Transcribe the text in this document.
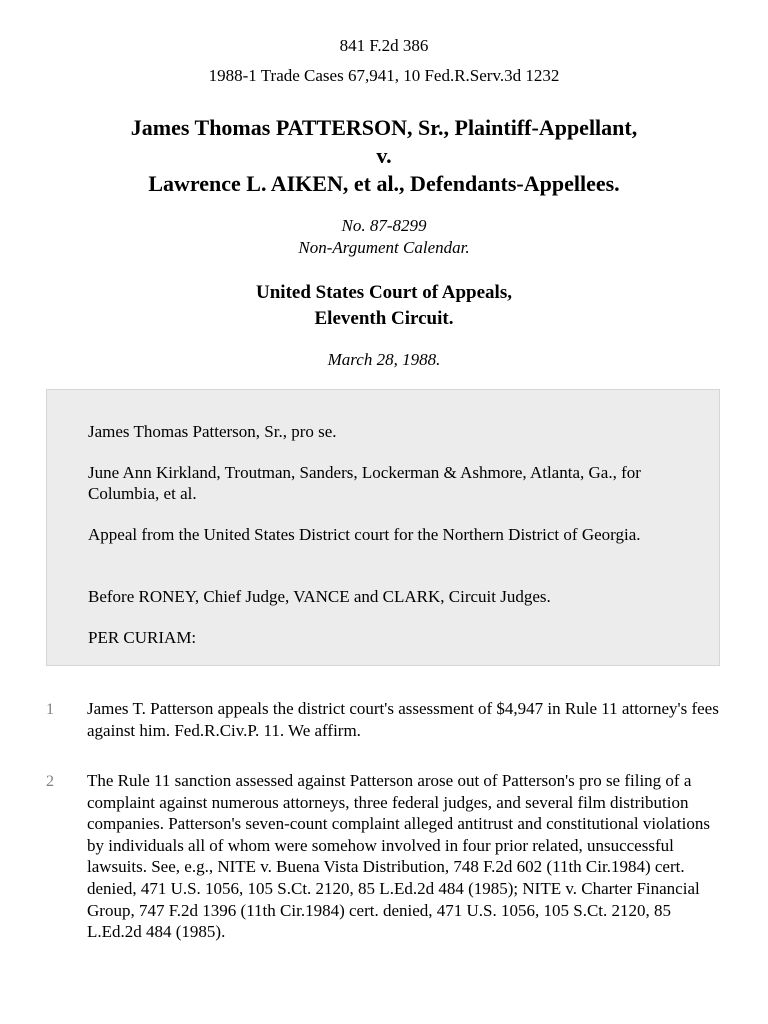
841 F.2d 386
1988-1 Trade Cases 67,941, 10 Fed.R.Serv.3d 1232
James Thomas PATTERSON, Sr., Plaintiff-Appellant,
v.
Lawrence L. AIKEN, et al., Defendants-Appellees.
No. 87-8299
Non-Argument Calendar.
United States Court of Appeals,
Eleventh Circuit.
March 28, 1988.

James Thomas Patterson, Sr., pro se.

June Ann Kirkland, Troutman, Sanders, Lockerman & Ashmore, Atlanta, Ga., for Columbia, et al.

Appeal from the United States District court for the Northern District of Georgia.

Before RONEY, Chief Judge, VANCE and CLARK, Circuit Judges.

PER CURIAM:

1 James T. Patterson appeals the district court's assessment of $4,947 in Rule 11 attorney's fees against him. Fed.R.Civ.P. 11. We affirm.

2 The Rule 11 sanction assessed against Patterson arose out of Patterson's pro se filing of a complaint against numerous attorneys, three federal judges, and several film distribution companies. Patterson's seven-count complaint alleged antitrust and constitutional violations by individuals all of whom were somehow involved in four prior related, unsuccessful lawsuits. See, e.g., NITE v. Buena Vista Distribution, 748 F.2d 602 (11th Cir.1984) cert. denied, 471 U.S. 1056, 105 S.Ct. 2120, 85 L.Ed.2d 484 (1985); NITE v. Charter Financial Group, 747 F.2d 1396 (11th Cir.1984) cert. denied, 471 U.S. 1056, 105 S.Ct. 2120, 85 L.Ed.2d 484 (1985).
